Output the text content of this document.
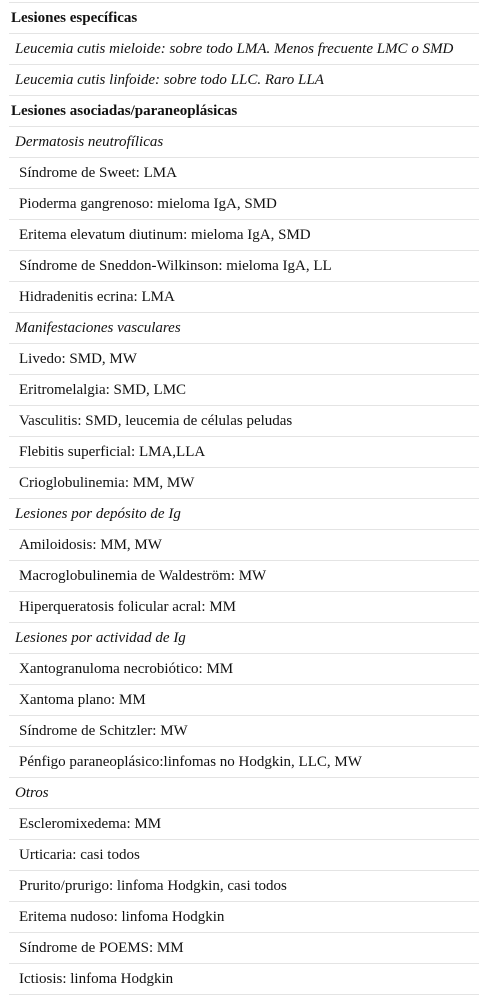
Lesiones específicas
Leucemia cutis mieloide: sobre todo LMA. Menos frecuente LMC o SMD
Leucemia cutis linfoide: sobre todo LLC. Raro LLA
Lesiones asociadas/paraneoplásicas
Dermatosis neutrofílicas
Síndrome de Sweet: LMA
Pioderma gangrenoso: mieloma IgA, SMD
Eritema elevatum diutinum: mieloma IgA, SMD
Síndrome de Sneddon-Wilkinson: mieloma IgA, LL
Hidradenitis ecrina: LMA
Manifestaciones vasculares
Livedo: SMD, MW
Eritromelalgia: SMD, LMC
Vasculitis: SMD, leucemia de células peludas
Flebitis superficial: LMA,LLA
Crioglobulinemia: MM, MW
Lesiones por depósito de Ig
Amiloidosis: MM, MW
Macroglobulinemia de Waldeström: MW
Hiperqueratosis folicular acral: MM
Lesiones por actividad de Ig
Xantogranuloma necrobiótico: MM
Xantoma plano: MM
Síndrome de Schitzler: MW
Pénfigo paraneoplásico:linfomas no Hodgkin, LLC, MW
Otros
Escleromixedema: MM
Urticaria: casi todos
Prurito/prurigo: linfoma Hodgkin, casi todos
Eritema nudoso: linfoma Hodgkin
Síndrome de POEMS: MM
Ictiosis: linfoma Hodgkin
